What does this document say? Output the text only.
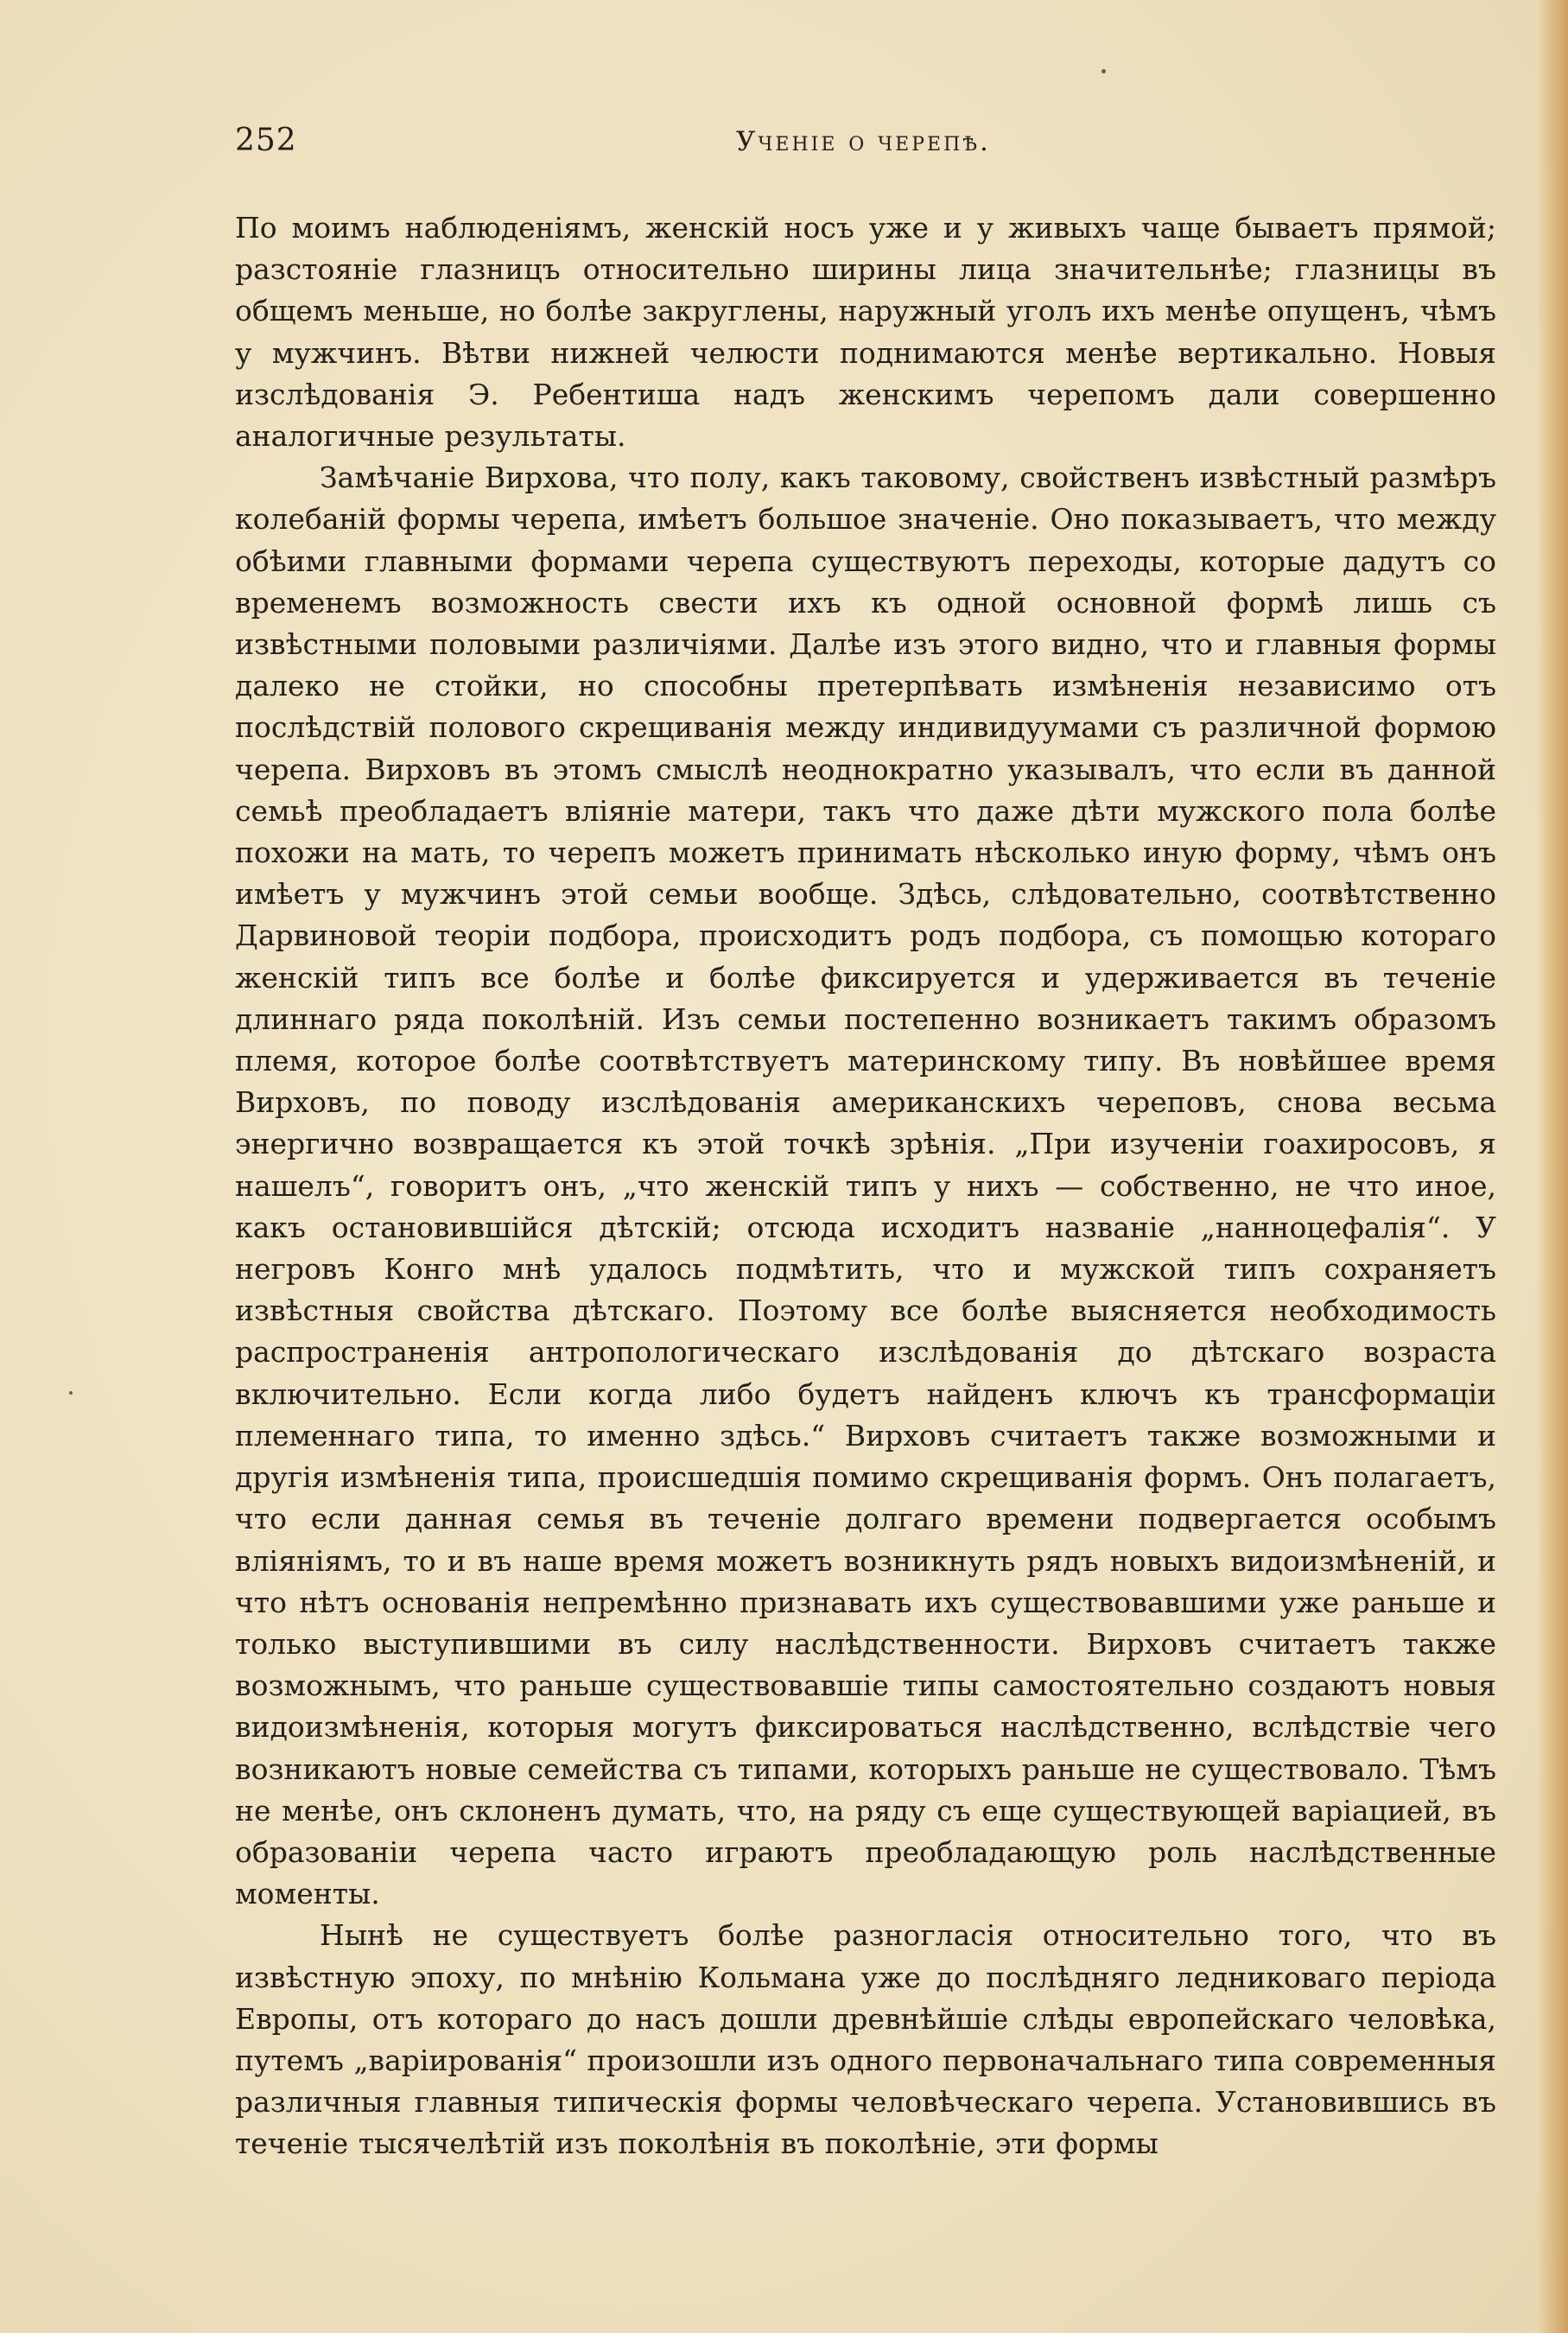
252	Ученіе о черепѣ.

По моимъ наблюденіямъ, женскій носъ уже и у живыхъ чаще бываетъ прямой; разстояніе глазницъ относительно ширины лица значительнѣе; глазницы въ общемъ меньше, но болѣе закруглены, наружный уголъ ихъ менѣе опущенъ, чѣмъ у мужчинъ. Вѣтви нижней челюсти поднимаются менѣе вертикально. Новыя изслѣдованія Э. Ребентиша надъ женскимъ черепомъ дали совершенно аналогичные результаты.

Замѣчаніе Вирхова, что полу, какъ таковому, свойственъ извѣстный размѣръ колебаній формы черепа, имѣетъ большое значеніе. Оно показываетъ, что между обѣими главными формами черепа существуютъ переходы, которые дадутъ со временемъ возможность свести ихъ къ одной основной формѣ лишь съ извѣстными половыми различіями. Далѣе изъ этого видно, что и главныя формы далеко не стойки, но способны претерпѣвать измѣненія независимо отъ послѣдствій полового скрещиванія между индивидуумами съ различной формою черепа. Вирховъ въ этомъ смыслѣ неоднократно указывалъ, что если въ данной семьѣ преобладаетъ вліяніе матери, такъ что даже дѣти мужского пола болѣе похожи на мать, то черепъ можетъ принимать нѣсколько иную форму, чѣмъ онъ имѣетъ у мужчинъ этой семьи вообще. Здѣсь, слѣдовательно, соотвѣтственно Дарвиновой теоріи подбора, происходитъ родъ подбора, съ помощью котораго женскій типъ все болѣе и болѣе фиксируется и удерживается въ теченіе длиннаго ряда поколѣній. Изъ семьи постепенно возникаетъ такимъ образомъ племя, которое болѣе соотвѣтствуетъ материнскому типу. Въ новѣйшее время Вирховъ, по поводу изслѣдованія американскихъ череповъ, снова весьма энергично возвращается къ этой точкѣ зрѣнія. „При изученіи гоахиросовъ, я нашелъ“, говоритъ онъ, „что женскій типъ у нихъ — собственно, не что иное, какъ остановившійся дѣтскій; отсюда исходитъ названіе „нанноцефалія“. У негровъ Конго мнѣ удалось подмѣтить, что и мужской типъ сохраняетъ извѣстныя свойства дѣтскаго. Поэтому все болѣе выясняется необходимость распространенія антропологическаго изслѣдованія до дѣтскаго возраста включительно. Если когда либо будетъ найденъ ключъ къ трансформаціи племеннаго типа, то именно здѣсь.“ Вирховъ считаетъ также возможными и другія измѣненія типа, происшедшія помимо скрещиванія формъ. Онъ полагаетъ, что если данная семья въ теченіе долгаго времени подвергается особымъ вліяніямъ, то и въ наше время можетъ возникнуть рядъ новыхъ видоизмѣненій, и что нѣтъ основанія непремѣнно признавать ихъ существовавшими уже раньше и только выступившими въ силу наслѣдственности. Вирховъ считаетъ также возможнымъ, что раньше существовавшіе типы самостоятельно создаютъ новыя видоизмѣненія, которыя могутъ фиксироваться наслѣдственно, вслѣдствіе чего возникаютъ новые семейства съ типами, которыхъ раньше не существовало. Тѣмъ не менѣе, онъ склоненъ думать, что, на ряду съ еще существующей варіацией, въ образованіи черепа часто играютъ преобладающую роль наслѣдственные моменты.

Нынѣ не существуетъ болѣе разногласія относительно того, что въ извѣстную эпоху, по мнѣнію Кольмана уже до послѣдняго ледниковаго періода Европы, отъ котораго до насъ дошли древнѣйшіе слѣды европейскаго человѣка, путемъ „варіированія“ произошли изъ одного первоначальнаго типа современныя различныя главныя типическія формы человѣческаго черепа. Установившись въ теченіе тысячелѣтій изъ поколѣнія въ поколѣніе, эти формы
